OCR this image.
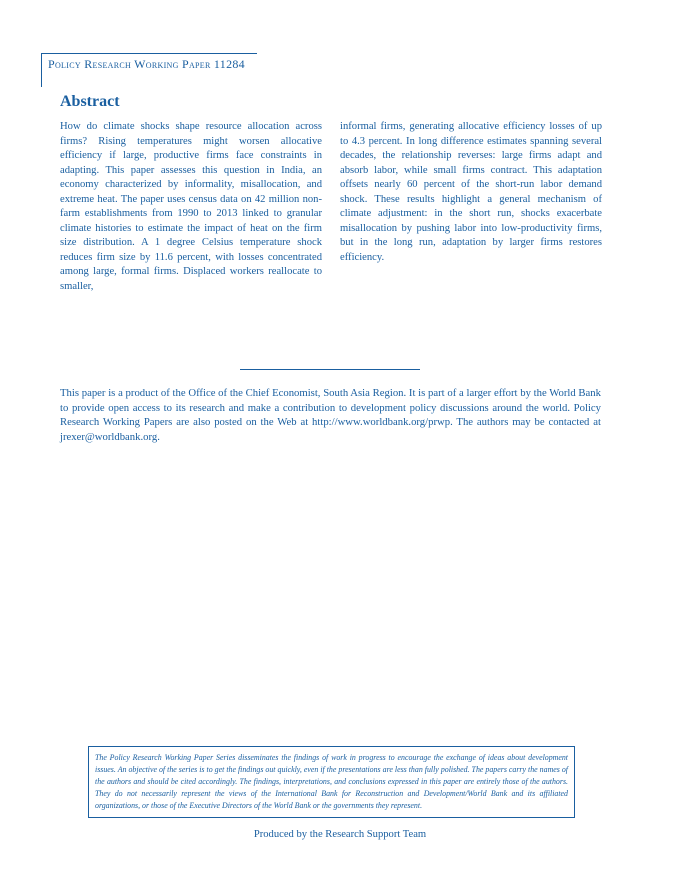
Policy Research Working Paper 11284
Abstract
How do climate shocks shape resource allocation across firms? Rising temperatures might worsen allocative efficiency if large, productive firms face constraints in adapting. This paper assesses this question in India, an economy characterized by informality, misallocation, and extreme heat. The paper uses census data on 42 million non-farm establishments from 1990 to 2013 linked to granular climate histories to estimate the impact of heat on the firm size distribution. A 1 degree Celsius temperature shock reduces firm size by 11.6 percent, with losses concentrated among large, formal firms. Displaced workers reallocate to smaller,
informal firms, generating allocative efficiency losses of up to 4.3 percent. In long difference estimates spanning several decades, the relationship reverses: large firms adapt and absorb labor, while small firms contract. This adaptation offsets nearly 60 percent of the short-run labor demand shock. These results highlight a general mechanism of climate adjustment: in the short run, shocks exacerbate misallocation by pushing labor into low-productivity firms, but in the long run, adaptation by larger firms restores efficiency.
This paper is a product of the Office of the Chief Economist, South Asia Region. It is part of a larger effort by the World Bank to provide open access to its research and make a contribution to development policy discussions around the world. Policy Research Working Papers are also posted on the Web at http://www.worldbank.org/prwp. The authors may be contacted at jrexer@worldbank.org.
The Policy Research Working Paper Series disseminates the findings of work in progress to encourage the exchange of ideas about development issues. An objective of the series is to get the findings out quickly, even if the presentations are less than fully polished. The papers carry the names of the authors and should be cited accordingly. The findings, interpretations, and conclusions expressed in this paper are entirely those of the authors. They do not necessarily represent the views of the International Bank for Reconstruction and Development/World Bank and its affiliated organizations, or those of the Executive Directors of the World Bank or the governments they represent.
Produced by the Research Support Team
